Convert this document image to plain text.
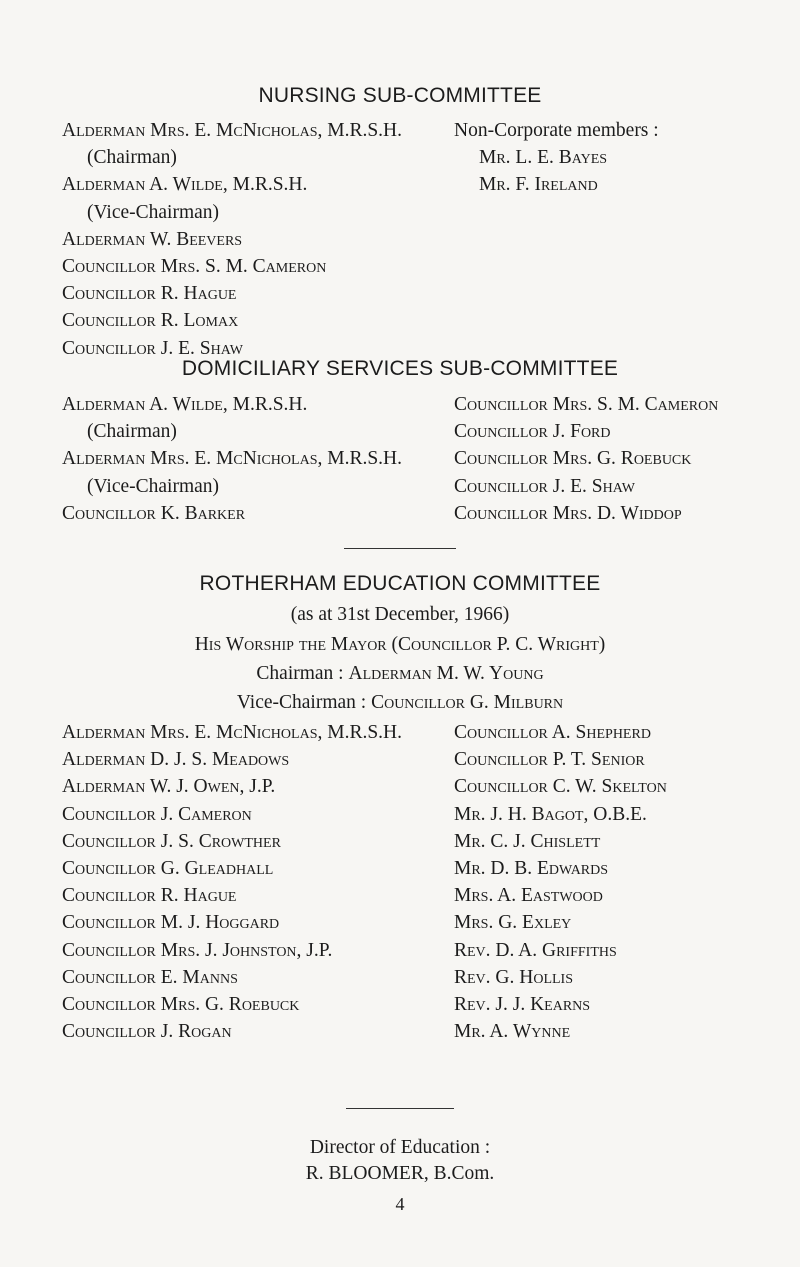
NURSING SUB-COMMITTEE
Alderman Mrs. E. McNicholas, M.R.S.H.
(Chairman)
Alderman A. Wilde, M.R.S.H.
(Vice-Chairman)
Alderman W. Beevers
Councillor Mrs. S. M. Cameron
Councillor R. Hague
Councillor R. Lomax
Councillor J. E. Shaw
Non-Corporate members :
Mr. L. E. Bayes
Mr. F. Ireland
DOMICILIARY SERVICES SUB-COMMITTEE
Alderman A. Wilde, M.R.S.H.
(Chairman)
Alderman Mrs. E. McNicholas, M.R.S.H.
(Vice-Chairman)
Councillor K. Barker
Councillor Mrs. S. M. Cameron
Councillor J. Ford
Councillor Mrs. G. Roebuck
Councillor J. E. Shaw
Councillor Mrs. D. Widdop
ROTHERHAM EDUCATION COMMITTEE
(as at 31st December, 1966)
His Worship the Mayor (Councillor P. C. Wright)
Chairman : Alderman M. W. Young
Vice-Chairman : Councillor G. Milburn
Alderman Mrs. E. McNicholas, M.R.S.H.
Alderman D. J. S. Meadows
Alderman W. J. Owen, J.P.
Councillor J. Cameron
Councillor J. S. Crowther
Councillor G. Gleadhall
Councillor R. Hague
Councillor M. J. Hoggard
Councillor Mrs. J. Johnston, J.P.
Councillor E. Manns
Councillor Mrs. G. Roebuck
Councillor J. Rogan
Councillor A. Shepherd
Councillor P. T. Senior
Councillor C. W. Skelton
Mr. J. H. Bagot, O.B.E.
Mr. C. J. Chislett
Mr. D. B. Edwards
Mrs. A. Eastwood
Mrs. G. Exley
Rev. D. A. Griffiths
Rev. G. Hollis
Rev. J. J. Kearns
Mr. A. Wynne
Director of Education :
R. BLOOMER, B.Com.
4
